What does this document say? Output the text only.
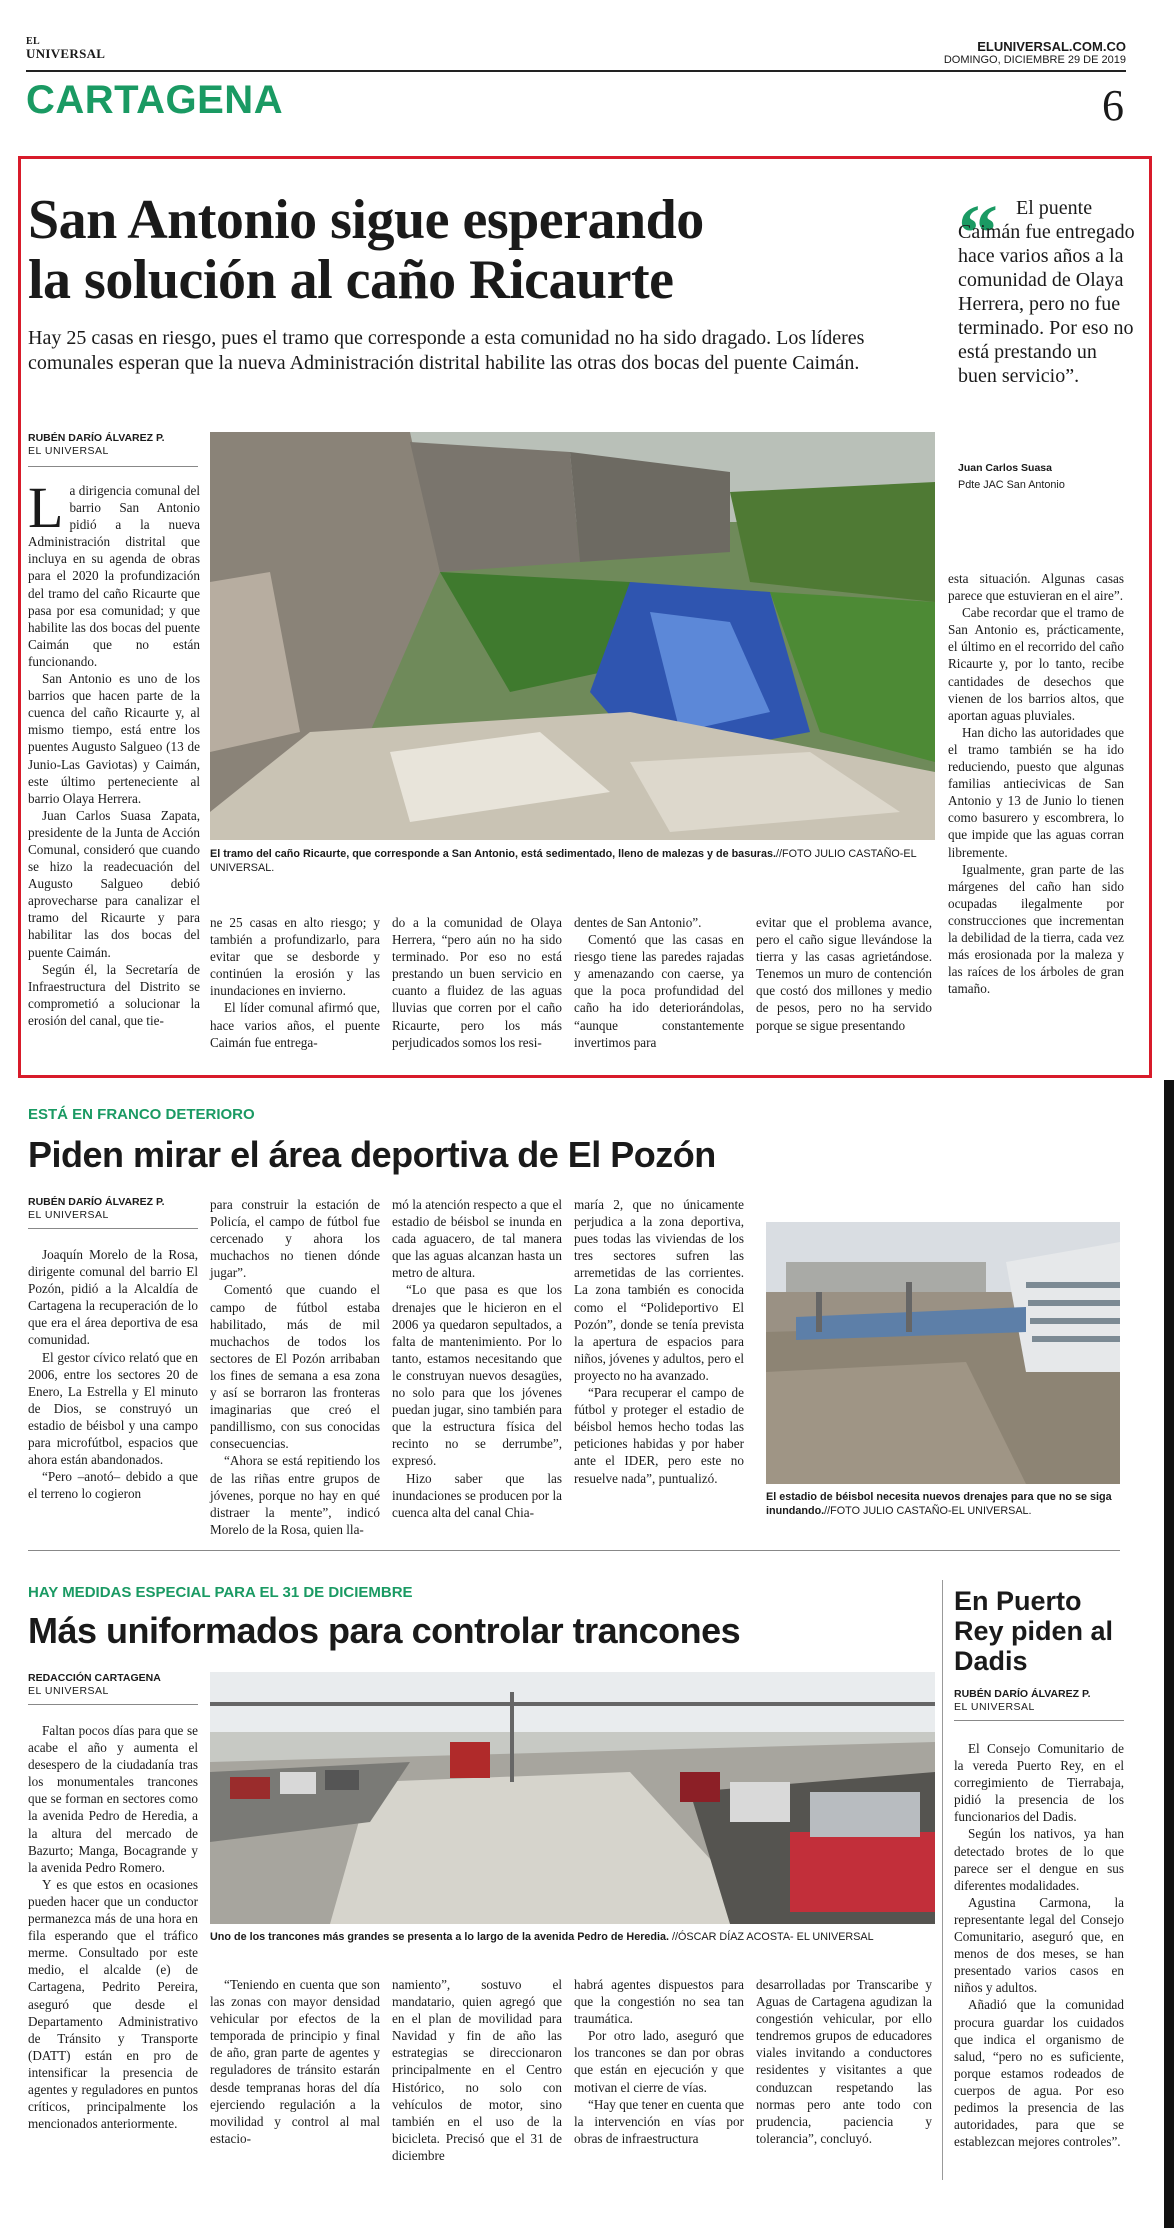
EL
UNIVERSAL	ELUNIVERSAL.COM.CO
DOMINGO, DICIEMBRE 29 DE 2019
CARTAGENA	6
San Antonio sigue esperando
la solución al caño Ricaurte
Hay 25 casas en riesgo, pues el tramo que corresponde a esta comunidad no ha sido dragado. Los líderes comunales esperan que la nueva Administración distrital habilite las otras dos bocas del puente Caimán.
RUBÉN DARÍO ÁLVAREZ P.
EL UNIVERSAL

La dirigencia comunal del barrio San Antonio pidió a la nueva Administración distrital que incluya en su agenda de obras para el 2020 la profundización del tramo del caño Ricaurte que pasa por esa comunidad; y que habilite las dos bocas del puente Caimán que no están funcionando.

San Antonio es uno de los barrios que hacen parte de la cuenca del caño Ricaurte y, al mismo tiempo, está entre los puentes Augusto Salgueo (13 de Junio-Las Gaviotas) y Caimán, este último perteneciente al barrio Olaya Herrera.

Juan Carlos Suasa Zapata, presidente de la Junta de Acción Comunal, consideró que cuando se hizo la readecuación del Augusto Salgueo debió aprovecharse para canalizar el tramo del Ricaurte y para habilitar las dos bocas del puente Caimán.

Según él, la Secretaría de Infraestructura del Distrito se comprometió a solucionar la erosión del canal, que tie-

El tramo del caño Ricaurte, que corresponde a San Antonio, está sedimentado, lleno de malezas y de basuras.//FOTO JULIO CASTAÑO-EL UNIVERSAL.

ne 25 casas en alto riesgo; y también a profundizarlo, para evitar que se desborde y continúen la erosión y las inundaciones en invierno.

El líder comunal afirmó que, hace varios años, el puente Caimán fue entrega-

do a la comunidad de Olaya Herrera, “pero aún no ha sido terminado. Por eso no está prestando un buen servicio en cuanto a fluidez de las aguas lluvias que corren por el caño Ricaurte, pero los más perjudicados somos los resi-

dentes de San Antonio”.

Comentó que las casas en riesgo tiene las paredes rajadas y amenazando con caerse, ya que la poca profundidad del caño ha ido deteriorándolas, “aunque constantemente invertimos para

evitar que el problema avance, pero el caño sigue llevándose la tierra y las casas agrietándose. Tenemos un muro de contención que costó dos millones y medio de pesos, pero no ha servido porque se sigue presentando

“ El puente Caimán fue entregado hace varios años a la comunidad de Olaya Herrera, pero no fue terminado. Por eso no está prestando un buen servicio”.
Juan Carlos Suasa
Pdte JAC San Antonio

esta situación. Algunas casas parece que estuvieran en el aire”.

Cabe recordar que el tramo de San Antonio es, prácticamente, el último en el recorrido del caño Ricaurte y, por lo tanto, recibe cantidades de desechos que vienen de los barrios altos, que aportan aguas pluviales.

Han dicho las autoridades que el tramo también se ha ido reduciendo, puesto que algunas familias antiecivicas de San Antonio y 13 de Junio lo tienen como basurero y escombrera, lo que impide que las aguas corran libremente.

Igualmente, gran parte de las márgenes del caño han sido ocupadas ilegalmente por construcciones que incrementan la debilidad de la tierra, cada vez más erosionada por la maleza y las raíces de los árboles de gran tamaño.

ESTÁ EN FRANCO DETERIORO
Piden mirar el área deportiva de El Pozón
RUBÉN DARÍO ÁLVAREZ P.
EL UNIVERSAL

Joaquín Morelo de la Rosa, dirigente comunal del barrio El Pozón, pidió a la Alcaldía de Cartagena la recuperación de lo que era el área deportiva de esa comunidad.

El gestor cívico relató que en 2006, entre los sectores 20 de Enero, La Estrella y El minuto de Dios, se construyó un estadio de béisbol y una campo para microfútbol, espacios que ahora están abandonados.

“Pero –anotó– debido a que el terreno lo cogieron

para construir la estación de Policía, el campo de fútbol fue cercenado y ahora los muchachos no tienen dónde jugar”.

Comentó que cuando el campo de fútbol estaba habilitado, más de mil muchachos de todos los sectores de El Pozón arribaban los fines de semana a esa zona y así se borraron las fronteras imaginarias que creó el pandillismo, con sus conocidas consecuencias.

“Ahora se está repitiendo los de las riñas entre grupos de jóvenes, porque no hay en qué distraer la mente”, indicó Morelo de la Rosa, quien lla-

mó la atención respecto a que el estadio de béisbol se inunda en cada aguacero, de tal manera que las aguas alcanzan hasta un metro de altura.

“Lo que pasa es que los drenajes que le hicieron en el 2006 ya quedaron sepultados, a falta de mantenimiento. Por lo tanto, estamos necesitando que le construyan nuevos desagües, no solo para que los jóvenes puedan jugar, sino también para que la estructura física del recinto no se derrumbe”, expresó.

Hizo saber que las inundaciones se producen por la cuenca alta del canal Chia-

maría 2, que no únicamente perjudica a la zona deportiva, pues todas las viviendas de los tres sectores sufren las arremetidas de las corrientes. La zona también es conocida como el “Polideportivo El Pozón”, donde se tenía prevista la apertura de espacios para niños, jóvenes y adultos, pero el proyecto no ha avanzado.

“Para recuperar el campo de fútbol y proteger el estadio de béisbol hemos hecho todas las peticiones habidas y por haber ante el IDER, pero este no resuelve nada”, puntualizó.

El estadio de béisbol necesita nuevos drenajes para que no se siga inundando.//FOTO JULIO CASTAÑO-EL UNIVERSAL.
HAY MEDIDAS ESPECIAL PARA EL 31 DE DICIEMBRE
Más uniformados para controlar trancones
REDACCIÓN CARTAGENA
EL UNIVERSAL

Faltan pocos días para que se acabe el año y aumenta el desespero de la ciudadanía tras los monumentales trancones que se forman en sectores como la avenida Pedro de Heredia, a la altura del mercado de Bazurto; Manga, Bocagrande y la avenida Pedro Romero.

Y es que estos en ocasiones pueden hacer que un conductor permanezca más de una hora en fila esperando que el tráfico merme. Consultado por este medio, el alcalde (e) de Cartagena, Pedrito Pereira, aseguró que desde el Departamento Administrativo de Tránsito y Transporte (DATT) están en pro de intensificar la presencia de agentes y reguladores en puntos críticos, principalmente los mencionados anteriormente.

Uno de los trancones más grandes se presenta a lo largo de la avenida Pedro de Heredia. //ÓSCAR DÍAZ ACOSTA- EL UNIVERSAL

“Teniendo en cuenta que son las zonas con mayor densidad vehicular por efectos de la temporada de principio y final de año, gran parte de agentes y reguladores de tránsito estarán desde tempranas horas del día ejerciendo regulación a la movilidad y control al mal estacio-

namiento”, sostuvo el mandatario, quien agregó que en el plan de movilidad para Navidad y fin de año las estrategias se direccionaron principalmente en el Centro Histórico, no solo con vehículos de motor, sino también en el uso de la bicicleta. Precisó que el 31 de diciembre

habrá agentes dispuestos para que la congestión no sea tan traumática.

Por otro lado, aseguró que los trancones se dan por obras que están en ejecución y que motivan el cierre de vías.

“Hay que tener en cuenta que la intervención en vías por obras de infraestructura

desarrolladas por Transcaribe y Aguas de Cartagena agudizan la congestión vehicular, por ello tendremos grupos de educadores viales invitando a conductores residentes y visitantes a que conduzcan respetando las normas pero ante todo con prudencia, paciencia y tolerancia”, concluyó.

En Puerto Rey piden al Dadis
RUBÉN DARÍO ÁLVAREZ P.
EL UNIVERSAL

El Consejo Comunitario de la vereda Puerto Rey, en el corregimiento de Tierrabaja, pidió la presencia de los funcionarios del Dadis.

Según los nativos, ya han detectado brotes de lo que parece ser el dengue en sus diferentes modalidades.

Agustina Carmona, la representante legal del Consejo Comunitario, aseguró que, en menos de dos meses, se han presentado varios casos en niños y adultos.

Añadió que la comunidad procura guardar los cuidados que indica el organismo de salud, “pero no es suficiente, porque estamos rodeados de cuerpos de agua. Por eso pedimos la presencia de las autoridades, para que se establezcan mejores controles”.
